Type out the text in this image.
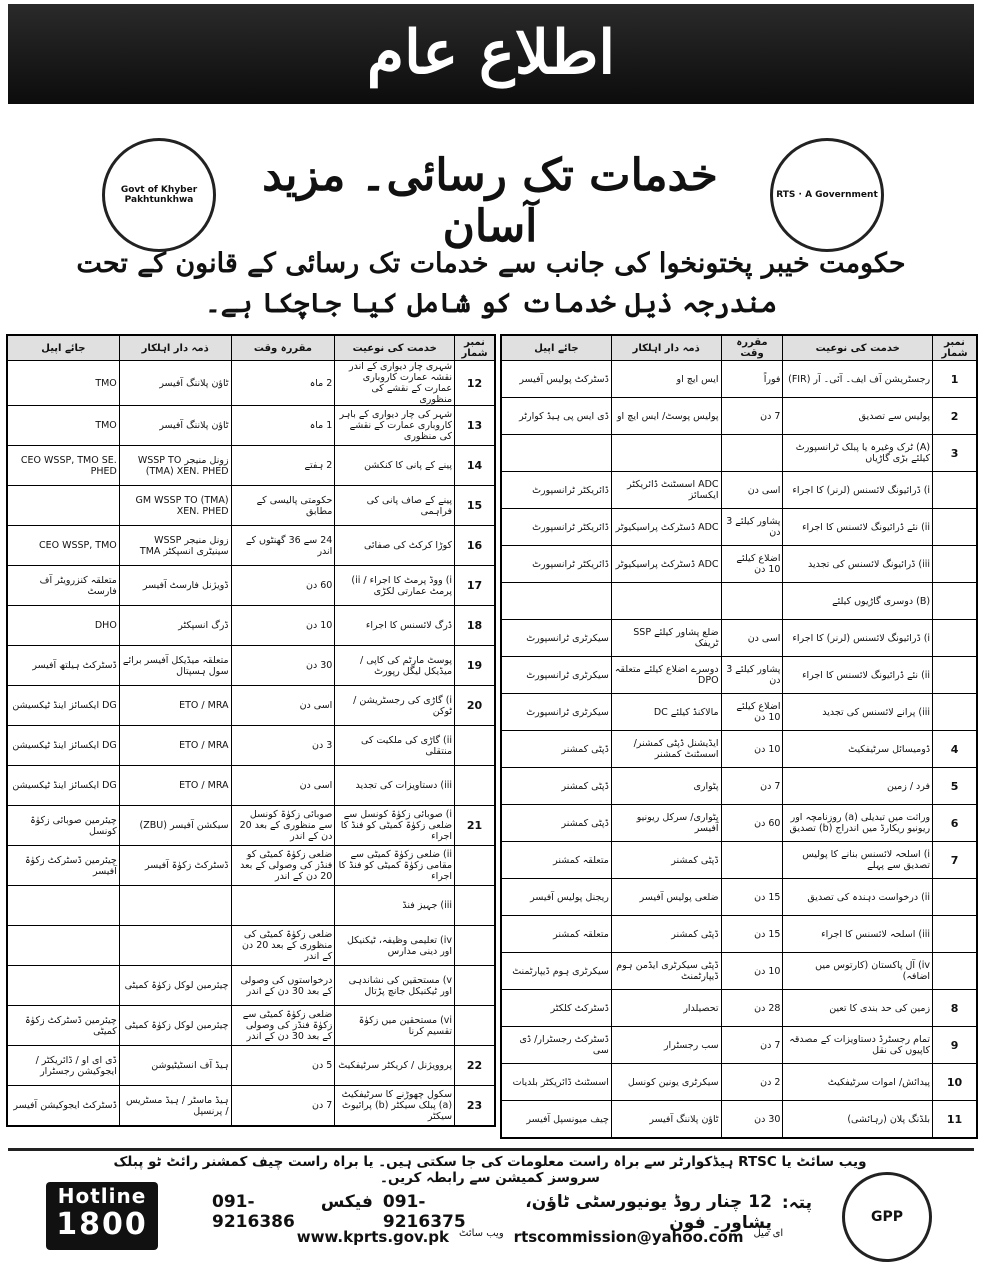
اطلاع عام
Govt of Khyber Pakhtunkhwa	RTS · A Government
خدمات تک رسائی۔ مزید آسان
حکومت خیبر پختونخوا کی جانب سے خدمات تک رسائی کے قانون کے تحت
مندرجہ ذیل خدمات کو شامل کیا جاچکا ہے۔
نمبر شمار	خدمت کی نوعیت	مقررہ وقت	ذمہ دار اہلکار	جائے اپیل
1	رجسٹریشن آف ایف۔ آئی۔ آر (FIR)	فوراً	ایس ایچ او	ڈسٹرکٹ پولیس آفیسر
2	پولیس سے تصدیق	7 دن	پولیس پوسٹ/ ایس ایچ او	ڈی ایس پی ہیڈ کوارٹر
3	(A) ٹرک وغیرہ یا پبلک ٹرانسپورٹ کیلئے بڑی گاڑیاں			
	i) ڈرائیونگ لائسنس (لرنر) کا اجراء	اسی دن	ADC اسسٹنٹ ڈائریکٹر ایکسائز	ڈائریکٹر ٹرانسپورٹ
	ii) نئے ڈرائیونگ لائسنس کا اجراء	پشاور کیلئے 3 دن	ADC ڈسٹرکٹ پراسیکیوٹر	ڈائریکٹر ٹرانسپورٹ
	iii) ڈرائیونگ لائسنس کی تجدید	اضلاع کیلئے 10 دن	ADC ڈسٹرکٹ پراسیکیوٹر	ڈائریکٹر ٹرانسپورٹ
	(B) دوسری گاڑیوں کیلئے			
	i) ڈرائیونگ لائسنس (لرنر) کا اجراء	اسی دن	ضلع پشاور کیلئے SSP ٹریفک	سیکرٹری ٹرانسپورٹ
	ii) نئے ڈرائیونگ لائسنس کا اجراء	پشاور کیلئے 3 دن	دوسرے اضلاع کیلئے متعلقہ DPO	سیکرٹری ٹرانسپورٹ
	iii) پرانے لائسنس کی تجدید	اضلاع کیلئے 10 دن	مالاکنڈ کیلئے DC	سیکرٹری ٹرانسپورٹ
4	ڈومیسائل سرٹیفکیٹ	10 دن	ایڈیشنل ڈپٹی کمشنر/ اسسٹنٹ کمشنر	ڈپٹی کمشنر
5	فرد / زمین	7 دن	پٹواری	ڈپٹی کمشنر
6	وراثت میں تبدیلی (a) روزنامچہ اور ریونیو ریکارڈ میں اندراج (b) تصدیق	60 دن	پٹواری/ سرکل ریونیو آفیسر	ڈپٹی کمشنر
7	i) اسلحہ لائسنس بنانے کا پولیس تصدیق سے پہلے		ڈپٹی کمشنر	متعلقہ کمشنر
	ii) درخواست دہندہ کی تصدیق	15 دن	ضلعی پولیس آفیسر	ریجنل پولیس آفیسر
	iii) اسلحہ لائسنس کا اجراء	15 دن	ڈپٹی کمشنر	متعلقہ کمشنر
	iv) آل پاکستان (کارتوس میں اضافہ)	10 دن	ڈپٹی سیکرٹری ایڈمن ہوم ڈیپارٹمنٹ	سیکرٹری ہوم ڈیپارٹمنٹ
8	زمین کی حد بندی کا تعین	28 دن	تحصیلدار	ڈسٹرکٹ کلکٹر
9	تمام رجسٹرڈ دستاویزات کے مصدقہ کاپیوں کی نقل	7 دن	سب رجسٹرار	ڈسٹرکٹ رجسٹرار/ ڈی سی
10	پیدائش/ اموات سرٹیفکیٹ	2 دن	سیکرٹری یونین کونسل	اسسٹنٹ ڈائریکٹر بلدیات
11	بلڈنگ پلان (رہائشی)	30 دن	ٹاؤن پلاننگ آفیسر	چیف میونسپل آفیسر
نمبر شمار	خدمت کی نوعیت	مقررہ وقت	ذمہ دار اہلکار	جائے اپیل
12	شہری چار دیواری کے اندر نقشہ عمارت کاروباری عمارت کے نقشے کی منظوری	2 ماہ	ٹاؤن پلاننگ آفیسر	TMO
13	شہر کی چار دیواری کے باہر کاروباری عمارت کے نقشے کی منظوری	1 ماہ	ٹاؤن پلاننگ آفیسر	TMO
14	پینے کے پانی کا کنکشن	2 ہفتے	زونل منیجر WSSP TO (TMA) XEN. PHED	CEO WSSP, TMO SE. PHED
15	پینے کے صاف پانی کی فراہمی	حکومتی پالیسی کے مطابق	GM WSSP TO (TMA) XEN. PHED	
16	کوڑا کرکٹ کی صفائی	24 سے 36 گھنٹوں کے اندر	زونل منیجر WSSP سینیٹری انسپکٹر TMA	CEO WSSP, TMO
17	i) ووڈ پرمٹ کا اجراء / ii) پرمٹ عمارتی لکڑی	60 دن	ڈویژنل فارسٹ آفیسر	متعلقہ کنزرویٹر آف فارسٹ
18	ڈرگ لائسنس کا اجراء	10 دن	ڈرگ انسپکٹر	DHO
19	پوسٹ مارٹم کی کاپی / میڈیکل لیگل رپورٹ	30 دن	متعلقہ میڈیکل آفیسر برائے سول ہسپتال	ڈسٹرکٹ ہیلتھ آفیسر
20	i) گاڑی کی رجسٹریشن / ٹوکن	اسی دن	ETO / MRA	DG ایکسائز اینڈ ٹیکسیشن
	ii) گاڑی کی ملکیت کی منتقلی	3 دن	ETO / MRA	DG ایکسائز اینڈ ٹیکسیشن
	iii) دستاویزات کی تجدید	اسی دن	ETO / MRA	DG ایکسائز اینڈ ٹیکسیشن
21	i) صوبائی زکوٰۃ کونسل سے ضلعی زکوٰۃ کمیٹی کو فنڈ کا اجراء	صوبائی زکوٰۃ کونسل سے منظوری کے بعد 20 دن کے اندر	سیکشن آفیسر (ZBU)	چیئرمین صوبائی زکوٰۃ کونسل
	ii) ضلعی زکوٰۃ کمیٹی سے مقامی زکوٰۃ کمیٹی کو فنڈ کا اجراء	ضلعی زکوٰۃ کمیٹی کو فنڈز کی وصولی کے بعد 20 دن کے اندر	ڈسٹرکٹ زکوٰۃ آفیسر	چیئرمین ڈسٹرکٹ زکوٰۃ آفیسر
	iii) جہیز فنڈ			
	iv) تعلیمی وظیفہ، ٹیکنیکل اور دینی مدارس	ضلعی زکوٰۃ کمیٹی کی منظوری کے بعد 20 دن کے اندر		
	v) مستحقین کی نشاندہی اور ٹیکنیکل جانچ پڑتال	درخواستوں کی وصولی کے بعد 30 دن کے اندر	چیئرمین لوکل زکوٰۃ کمیٹی	
	vi) مستحقین میں زکوٰۃ تقسیم کرنا	ضلعی زکوٰۃ کمیٹی سے زکوٰۃ فنڈز کی وصولی کے بعد 30 دن کے اندر	چیئرمین لوکل زکوٰۃ کمیٹی	چیئرمین ڈسٹرکٹ زکوٰۃ کمیٹی
22	پروویژنل / کریکٹر سرٹیفکیٹ	5 دن	ہیڈ آف انسٹیٹیوشن	ڈی ای او / ڈائریکٹر / ایجوکیشن رجسٹرار
23	سکول چھوڑنے کا سرٹیفکیٹ (a) پبلک سیکٹر (b) پرائیوٹ سیکٹر	7 دن	ہیڈ ماسٹر / ہیڈ مسٹریس / پرنسپل	ڈسٹرکٹ ایجوکیشن آفیسر
ویب سائٹ یا RTSC ہیڈکوارٹر سے براہ راست معلومات کی جا سکتی ہیں۔ یا براہ راست چیف کمشنر رائٹ ٹو پبلک سروسز کمیشن سے رابطہ کریں۔
Hotline
1800
پتہ:
12 چنار روڈ یونیورسٹی ٹاؤن، پشاور۔ فون
091-9216375
فیکس
091-9216386
www.kprts.gov.pk ویب سائٹ rtscommission@yahoo.com ای میل
GPP
